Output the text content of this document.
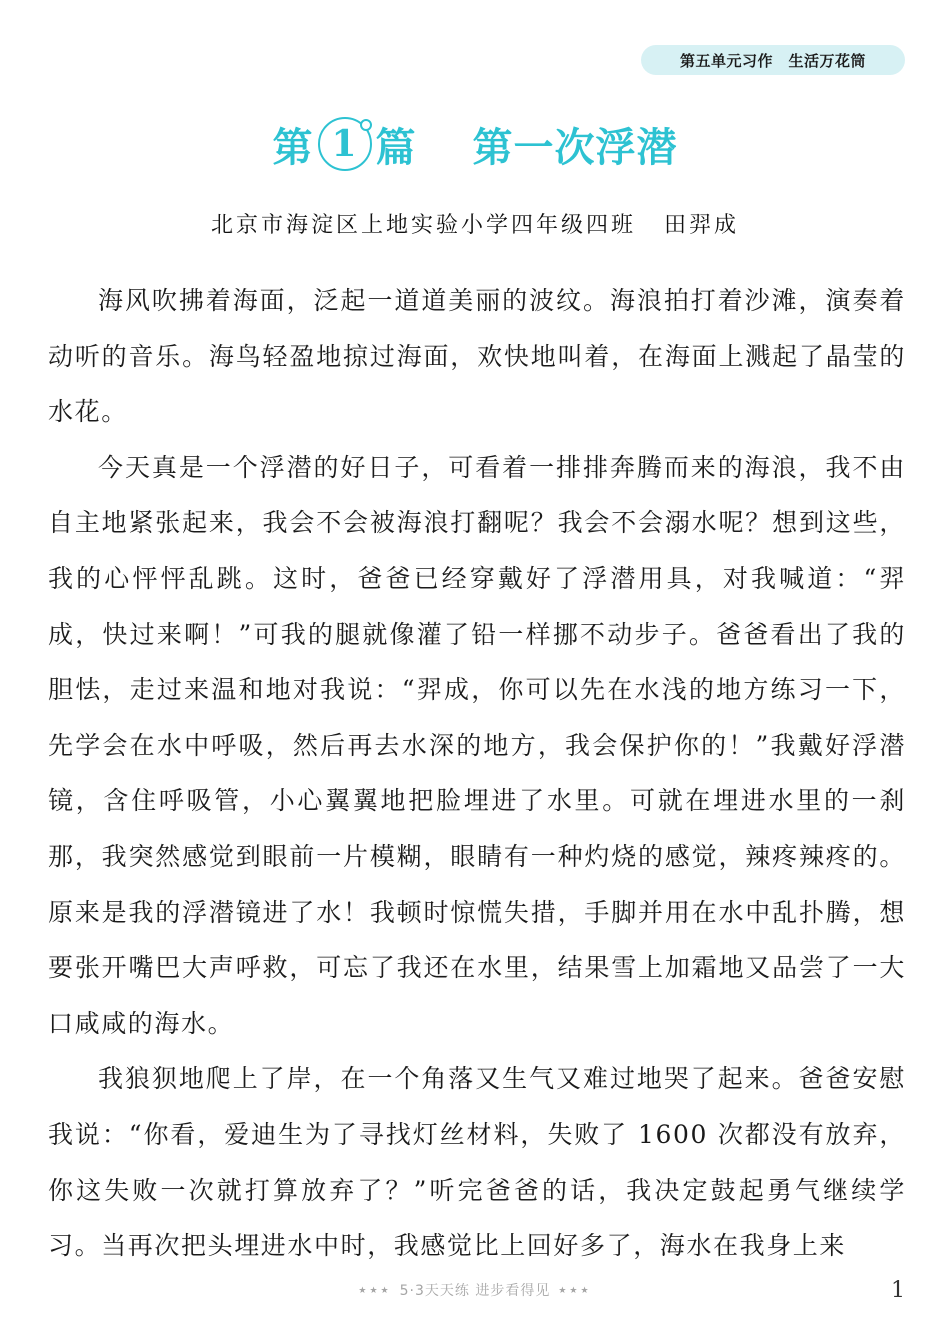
第五单元习作　生活万花筒
第 1 篇 第一次浮潜
北京市海淀区上地实验小学四年级四班 田羿成

海风吹拂着海面，泛起一道道美丽的波纹。海浪拍打着沙滩，演奏着动听的音乐。海鸟轻盈地掠过海面，欢快地叫着，在海面上溅起了晶莹的水花。

今天真是一个浮潜的好日子，可看着一排排奔腾而来的海浪，我不由自主地紧张起来，我会不会被海浪打翻呢？我会不会溺水呢？想到这些，我的心怦怦乱跳。这时，爸爸已经穿戴好了浮潜用具，对我喊道：“羿成，快过来啊！”可我的腿就像灌了铅一样挪不动步子。爸爸看出了我的胆怯，走过来温和地对我说：“羿成，你可以先在水浅的地方练习一下，先学会在水中呼吸，然后再去水深的地方，我会保护你的！”我戴好浮潜镜，含住呼吸管，小心翼翼地把脸埋进了水里。可就在埋进水里的一刹那，我突然感觉到眼前一片模糊，眼睛有一种灼烧的感觉，辣疼辣疼的。原来是我的浮潜镜进了水！我顿时惊慌失措，手脚并用在水中乱扑腾，想要张开嘴巴大声呼救，可忘了我还在水里，结果雪上加霜地又品尝了一大口咸咸的海水。

我狼狈地爬上了岸，在一个角落又生气又难过地哭了起来。爸爸安慰我说：“你看，爱迪生为了寻找灯丝材料，失败了 1600 次都没有放弃，你这失败一次就打算放弃了？”听完爸爸的话，我决定鼓起勇气继续学习。当再次把头埋进水中时，我感觉比上回好多了，海水在我身上来

★★★ 5·3天天练 进步看得见 ★★★	1
